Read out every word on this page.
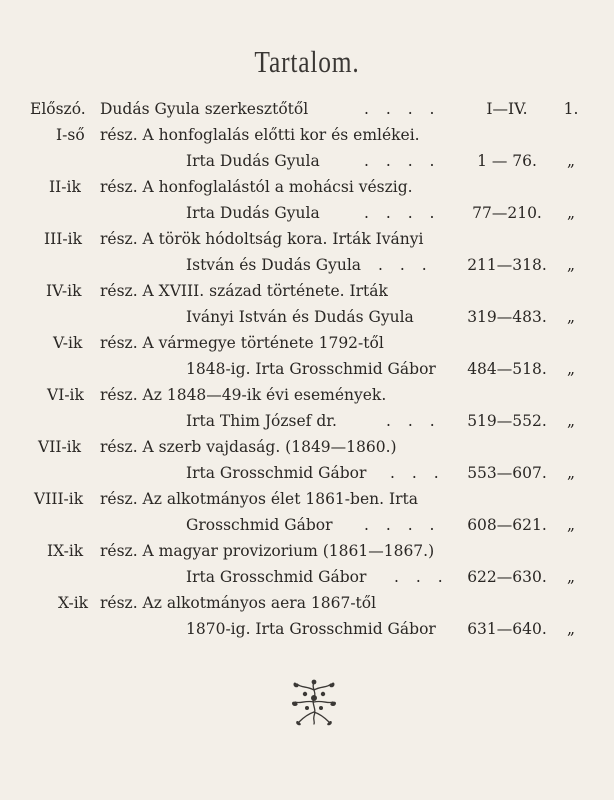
Tartalom.
Előszó. Dudás Gyula szerkesztőtől	. . . .	I—IV.	1.
I-ső rész. A honfoglalás előtti kor és emlékei.
Irta Dudás Gyula	. . . .	1 — 76.	„
II-ik rész. A honfoglalástól a mohácsi vészig.
Irta Dudás Gyula	. . . .	77—210.	„
III-ik rész. A török hódoltság kora. Irták Iványi
István és Dudás Gyula . . .	211—318.	„
IV-ik rész. A XVIII. század története. Irták
Iványi István és Dudás Gyula	319—483.	„
V-ik rész. A vármegye története 1792-től
1848-ig. Irta Grosschmid Gábor	484—518.	„
VI-ik rész. Az 1848—49-ik évi események.
Irta Thim József dr.	. . .	519—552.	„
VII-ik rész. A szerb vajdaság. (1849—1860.)
Irta Grosschmid Gábor . . .	553—607.	„
VIII-ik rész. Az alkotmányos élet 1861-ben. Irta
Grosschmid Gábor . . . .	608—621.	„
IX-ik rész. A magyar provizorium (1861—1867.)
Irta Grosschmid Gábor . . .	622—630.	„
X-ik rész. Az alkotmányos aera 1867-től
1870-ig. Irta Grosschmid Gábor	631—640.	„
